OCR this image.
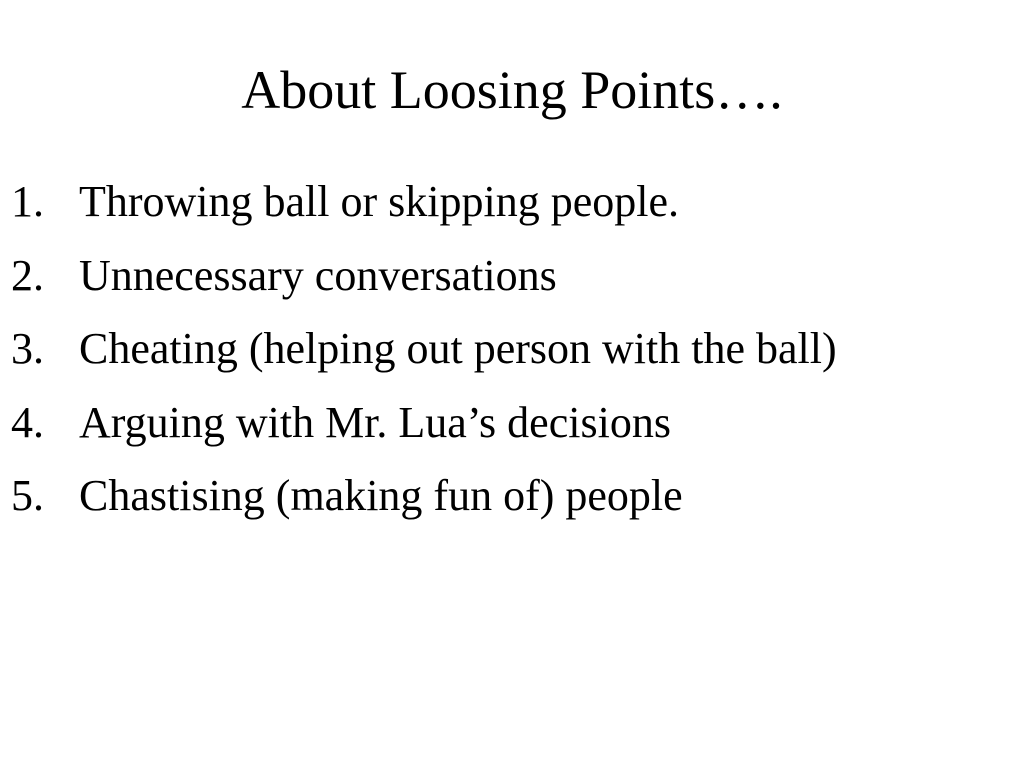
About Loosing Points….
1. Throwing ball or skipping people.
2. Unnecessary conversations
3. Cheating (helping out person with the ball)
4. Arguing with Mr. Lua’s decisions
5. Chastising (making fun of) people
